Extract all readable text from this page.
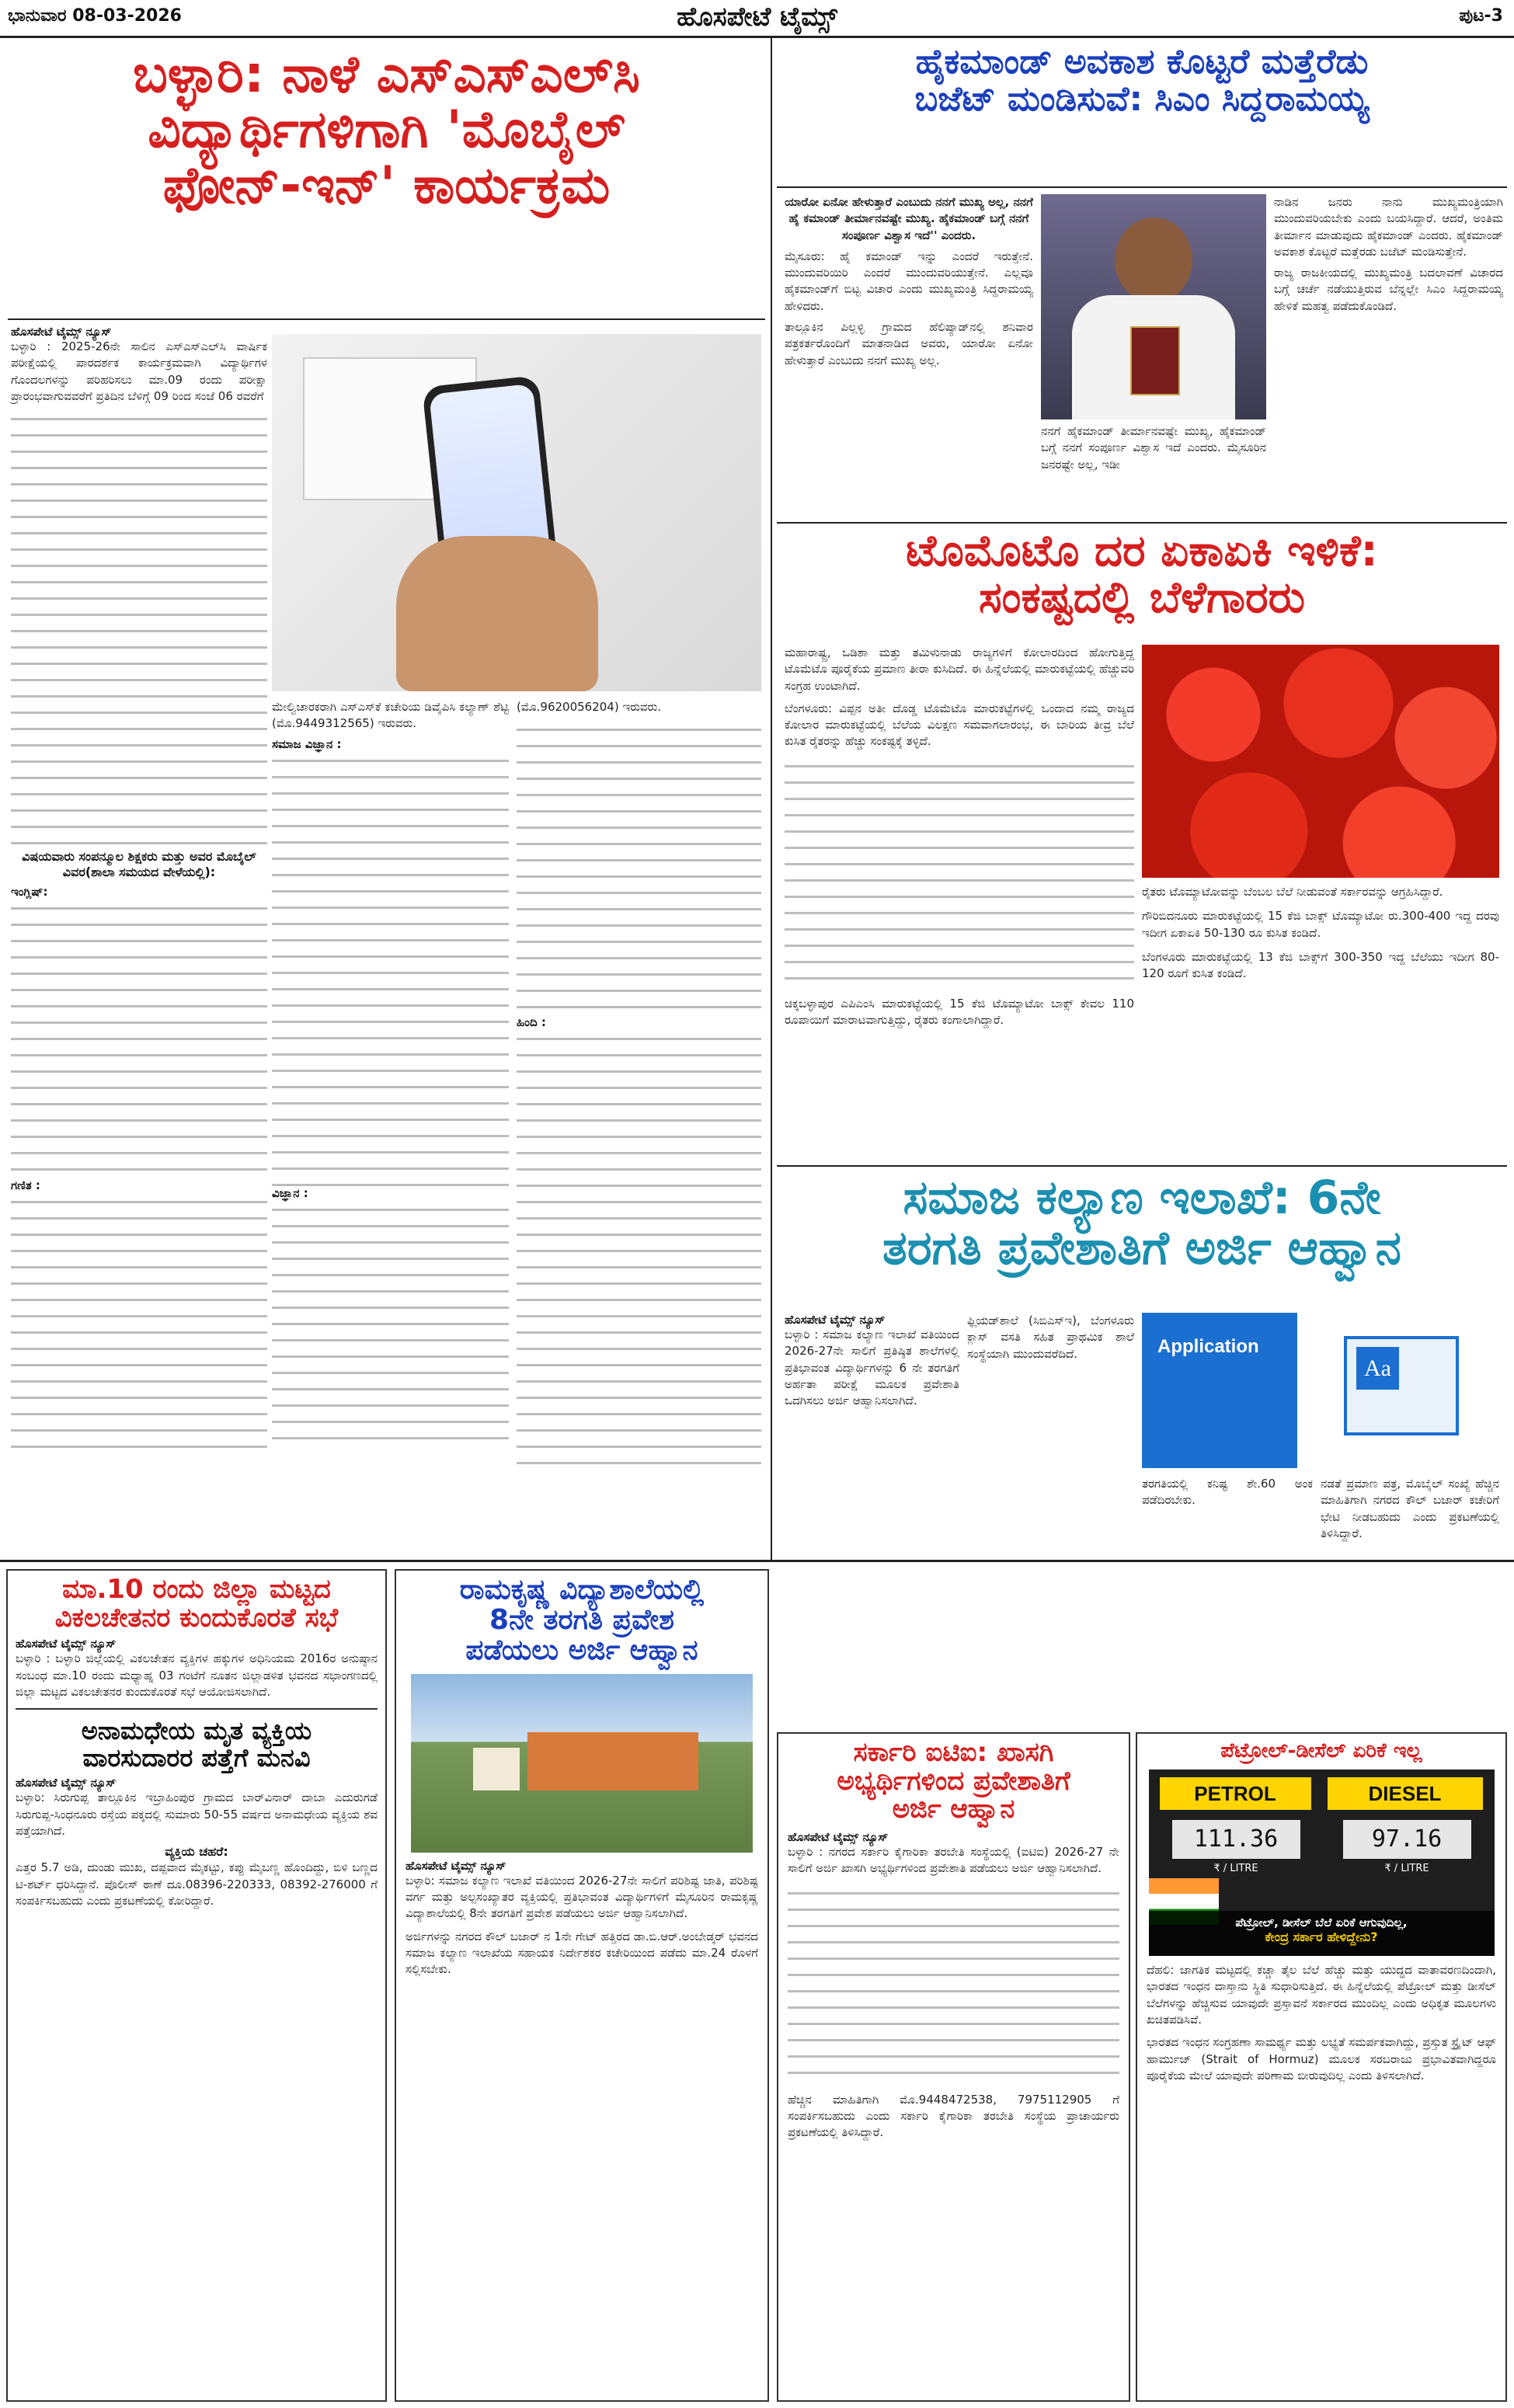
ಭಾನುವಾರ 08-03-2026	ಹೊಸಪೇಟೆ ಟೈಮ್ಸ್	ಪುಟ-3
ಬಳ್ಳಾರಿ: ನಾಳೆ ಎಸ್‌ಎಸ್‌ಎಲ್‌ಸಿ
ವಿದ್ಯಾರ್ಥಿಗಳಿಗಾಗಿ 'ಮೊಬೈಲ್
ಫೋನ್-ಇನ್' ಕಾರ್ಯಕ್ರಮ
ಹೊಸಪೇಟೆ ಟೈಮ್ಸ್ ನ್ಯೂಸ್
ಬಳ್ಳಾರಿ : 2025-26ನೇ ಸಾಲಿನ ಎಸ್‌ಎಸ್‌ಎಲ್‌ಸಿ ವಾರ್ಷಿಕ ಪರೀಕ್ಷೆಯಲ್ಲಿ ಪಾರದರ್ಶಕ ಕಾರ್ಯಕ್ರಮವಾಗಿ ವಿದ್ಯಾರ್ಥಿಗಳ ಗೊಂದಲಗಳನ್ನು ಪರಿಹರಿಸಲು ಮಾ.09 ರಂದು ಪರೀಕ್ಷಾ ಪ್ರಾರಂಭವಾಗುವವರೆಗೆ ಪ್ರತಿದಿನ ಬೆಳಿಗ್ಗೆ 09 ರಿಂದ ಸಂಜೆ 06 ರವರೆಗೆ
ವಿಷಯವಾರು ಸಂಪನ್ಮೂಲ ಶಿಕ್ಷಕರು ಮತ್ತು ಅವರ ಮೊಬೈಲ್ ವಿವರ(ಶಾಲಾ ಸಮಯದ ವೇಳೆಯಲ್ಲಿ):
ಇಂಗ್ಲಿಷ್:
ಗಣಿತ :
ಮೇಲ್ವಿಚಾರಕರಾಗಿ ಎಸ್‌ಎಸ್‌ಕೆ ಕಚೇರಿಯ ಡಿವೈಪಿಸಿ ಕಲ್ಯಾಣ್ ಶೆಟ್ಟಿ (ಮೊ.9449312565) ಇರುವರು.
ಸಮಾಜ ವಿಜ್ಞಾನ :
ವಿಜ್ಞಾನ :
(ಮೊ.9620056204) ಇರುವರು.
ಹಿಂದಿ :
ಹೈಕಮಾಂಡ್ ಅವಕಾಶ ಕೊಟ್ಟರೆ ಮತ್ತೆರೆಡು
ಬಜೆಟ್ ಮಂಡಿಸುವೆ: ಸಿಎಂ ಸಿದ್ದರಾಮಯ್ಯ
ಯಾರೋ ಏನೋ ಹೇಳುತ್ತಾರೆ ಎಂಬುದು ನನಗೆ ಮುಖ್ಯ ಅಲ್ಲ, ನನಗೆ ಹೈ ಕಮಾಂಡ್ ತೀರ್ಮಾನವಷ್ಟೇ ಮುಖ್ಯ. ಹೈಕಮಾಂಡ್ ಬಗ್ಗೆ ನನಗೆ ಸಂಪೂರ್ಣ ವಿಶ್ವಾಸ ಇದೆ'' ಎಂದರು.
ಮೈಸೂರು: ಹೈ ಕಮಾಂಡ್ ಇನ್ನು ಎಂದರೆ ಇರುತ್ತೇನೆ. ಮುಂದುವರಿಯಿರಿ ಎಂದರೆ ಮುಂದುವರಿಯುತ್ತೇನೆ. ಎಲ್ಲವೂ ಹೈಕಮಾಂಡ್‌ಗೆ ಬಿಟ್ಟ ವಿಚಾರ ಎಂದು ಮುಖ್ಯಮಂತ್ರಿ ಸಿದ್ದರಾಮಯ್ಯ ಹೇಳಿದರು.
ತಾಲ್ಲೂಕಿನ ಪಿಲ್ಲಳ್ಳಿ ಗ್ರಾಮದ ಹೆಲಿಪ್ಯಾಡ್‌ನಲ್ಲಿ ಶನಿವಾರ ಪತ್ರಕರ್ತರೊಂದಿಗೆ ಮಾತನಾಡಿದ ಅವರು, ಯಾರೋ ಏನೋ ಹೇಳುತ್ತಾರೆ ಎಂಬುದು ನನಗೆ ಮುಖ್ಯ ಅಲ್ಲ.
ನನಗೆ ಹೈಕಮಾಂಡ್ ತೀರ್ಮಾನವಷ್ಟೇ ಮುಖ್ಯ, ಹೈಕಮಾಂಡ್ ಬಗ್ಗೆ ನನಗೆ ಸಂಪೂರ್ಣ ವಿಶ್ವಾಸ ಇದೆ ಎಂದರು. ಮೈಸೂರಿನ ಜನರಷ್ಟೇ ಅಲ್ಲ, ಇಡೀ
ನಾಡಿನ ಜನರು ನಾನು ಮುಖ್ಯಮಂತ್ರಿಯಾಗಿ ಮುಂದುವರಿಯಬೇಕು ಎಂದು ಬಯಸಿದ್ದಾರೆ. ಆದರೆ, ಅಂತಿಮ ತೀರ್ಮಾನ ಮಾಡುವುದು ಹೈಕಮಾಂಡ್ ಎಂದರು. ಹೈಕಮಾಂಡ್ ಅವಕಾಶ ಕೊಟ್ಟರೆ ಮತ್ತೆರಡು ಬಜೆಟ್ ಮಂಡಿಸುತ್ತೇನೆ.
ರಾಜ್ಯ ರಾಜಕೀಯದಲ್ಲಿ ಮುಖ್ಯಮಂತ್ರಿ ಬದಲಾವಣೆ ವಿಚಾರದ ಬಗ್ಗೆ ಚರ್ಚೆ ನಡೆಯುತ್ತಿರುವ ಬೆನ್ನಲ್ಲೇ ಸಿಎಂ ಸಿದ್ದರಾಮಯ್ಯ ಹೇಳಿಕೆ ಮಹತ್ವ ಪಡೆದುಕೊಂಡಿದೆ.
ಟೊಮೊಟೊ ದರ ಏಕಾಏಕಿ ಇಳಿಕೆ:
ಸಂಕಷ್ಟದಲ್ಲಿ ಬೆಳೆಗಾರರು
ಮಹಾರಾಷ್ಟ್ರ, ಒಡಿಶಾ ಮತ್ತು ತಮಿಳುನಾಡು ರಾಜ್ಯಗಳಿಗೆ ಕೋಲಾರದಿಂದ ಹೋಗುತ್ತಿದ್ದ ಟೊಮೆಟೊ ಪೂರೈಕೆಯ ಪ್ರಮಾಣ ತೀರಾ ಕುಸಿದಿದೆ. ಈ ಹಿನ್ನೆಲೆಯಲ್ಲಿ ಮಾರುಕಟ್ಟೆಯಲ್ಲಿ ಹೆಚ್ಚುವರಿ ಸಂಗ್ರಹ ಉಂಟಾಗಿದೆ.
ಬೆಂಗಳೂರು: ವಿಪ್ಪನ ಅತೀ ದೊಡ್ಡ ಟೊಮೆಟೊ ಮಾರುಕಟ್ಟೆಗಳಲ್ಲಿ ಒಂದಾದ ನಮ್ಮ ರಾಜ್ಯದ ಕೋಲಾರ ಮಾರುಕಟ್ಟೆಯಲ್ಲಿ ಬೆಲೆಯ ವಿಲಕ್ಷಣ ಸಮವಾಗಲಾರಂಭ, ಈ ಬಾರಿಯ ತೀವ್ರ ಬೆಲೆ ಕುಸಿತ ರೈತರನ್ನು ಹೆಚ್ಚು ಸಂಕಷ್ಟಕ್ಕೆ ತಳ್ಳಿದೆ.
ಚಿಕ್ಕಬಳ್ಳಾಪುರ ಎಪಿಎಂಸಿ ಮಾರುಕಟ್ಟೆಯಲ್ಲಿ 15 ಕೆಜಿ ಟೊಮ್ಯಾಟೋ ಬಾಕ್ಸ್ ಕೇವಲ 110 ರೂಪಾಯಿಗೆ ಮಾರಾಟವಾಗುತ್ತಿದ್ದು, ರೈತರು ಕಂಗಾಲಾಗಿದ್ದಾರೆ.
ರೈತರು ಟೊಮ್ಯಾಟೋವನ್ನು ಬೆಂಬಲ ಬೆಲೆ ನೀಡುವಂತೆ ಸರ್ಕಾರವನ್ನು ಆಗ್ರಹಿಸಿದ್ದಾರೆ.
ಗೌರಿಬಿದನೂರು ಮಾರುಕಟ್ಟೆಯಲ್ಲಿ 15 ಕೆಜಿ ಬಾಕ್ಸ್ ಟೊಮ್ಯಾಟೋ ರು.300-400 ಇದ್ದ ದರವು ಇದೀಗ ಏಕಾಏಕಿ 50-130 ರೂ ಕುಸಿತ ಕಂಡಿದೆ.
ಬೆಂಗಳೂರು ಮಾರುಕಟ್ಟೆಯಲ್ಲಿ 13 ಕೆಜಿ ಬಾಕ್ಸ್‌ಗೆ 300-350 ಇದ್ದ ಬೆಲೆಯು ಇದೀಗ 80-120 ರೂಗೆ ಕುಸಿತ ಕಂಡಿದೆ.
ಸಮಾಜ ಕಲ್ಯಾಣ ಇಲಾಖೆ: 6ನೇ
ತರಗತಿ ಪ್ರವೇಶಾತಿಗೆ ಅರ್ಜಿ ಆಹ್ವಾನ
ಹೊಸಪೇಟೆ ಟೈಮ್ಸ್ ನ್ಯೂಸ್
ಬಳ್ಳಾರಿ : ಸಮಾಜ ಕಲ್ಯಾಣ ಇಲಾಖೆ ವತಿಯಿಂದ 2026-27ನೇ ಸಾಲಿಗೆ ಪ್ರತಿಷ್ಠಿತ ಶಾಲೆಗಳಲ್ಲಿ ಪ್ರತಿಭಾವಂತ ವಿದ್ಯಾರ್ಥಿಗಳನ್ನು 6 ನೇ ತರಗತಿಗೆ ಅರ್ಹತಾ ಪರೀಕ್ಷೆ ಮೂಲಕ ಪ್ರವೇಶಾತಿ ಒದಗಿಸಲು ಅರ್ಜಿ ಆಹ್ವಾನಿಸಲಾಗಿದೆ.
ಫ್ಲಿಯಡ್‌ಶಾಲೆ (ಸಿಬಿಎಸ್‌ಇ), ಬೆಂಗಳೂರು ಕ್ಲಾಸ್ ವಸತಿ ಸಹಿತ ಪ್ರಾಥಮಿಕ ಶಾಲೆ ಸಂಸ್ಥೆಯಾಗಿ ಮುಂದುವರೆದಿದೆ.	Application
Aa
ತರಗತಿಯಲ್ಲಿ ಕನಿಷ್ಟ ಶೇ.60 ಅಂಕ ಪಡೆದಿರಬೇಕು.
ನಡತೆ ಪ್ರಮಾಣ ಪತ್ರ, ಮೊಬೈಲ್ ಸಂಖ್ಯೆ ಹೆಚ್ಚಿನ ಮಾಹಿತಿಗಾಗಿ ನಗರದ ಕೌಲ್ ಬಜಾರ್ ಕಚೇರಿಗೆ ಭೇಟಿ ನೀಡಬಹುದು ಎಂದು ಪ್ರಕಟಣೆಯಲ್ಲಿ ತಿಳಿಸಿದ್ದಾರೆ.
ಮಾ.10 ರಂದು ಜಿಲ್ಲಾ ಮಟ್ಟದ
ವಿಕಲಚೇತನರ ಕುಂದುಕೊರತೆ ಸಭೆ
ಹೊಸಪೇಟೆ ಟೈಮ್ಸ್ ನ್ಯೂಸ್
ಬಳ್ಳಾರಿ : ಬಳ್ಳಾರಿ ಜಿಲ್ಲೆಯಲ್ಲಿ ವಿಕಲಚೇತನ ವ್ಯಕ್ತಿಗಳ ಹಕ್ಕುಗಳ ಅಧಿನಿಯಮ 2016ರ ಅನುಷ್ಠಾನ ಸಂಬಂಧ ಮಾ.10 ರಂದು ಮಧ್ಯಾಹ್ನ 03 ಗಂಟೆಗೆ ನೂತನ ಜಿಲ್ಲಾಡಳಿತ ಭವನದ ಸಭಾಂಗಣದಲ್ಲಿ ಜಿಲ್ಲಾ ಮಟ್ಟದ ವಿಕಲಚೇತನರ ಕುಂದುಕೊರತೆ ಸಭೆ ಆಯೋಜಿಸಲಾಗಿದೆ.
ಅನಾಮಧೇಯ ಮೃತ ವ್ಯಕ್ತಿಯ
ವಾರಸುದಾರರ ಪತ್ತೆಗೆ ಮನವಿ
ಹೊಸಪೇಟೆ ಟೈಮ್ಸ್ ನ್ಯೂಸ್
ಬಳ್ಳಾರಿ: ಸಿರುಗುಪ್ಪ ತಾಲ್ಲೂಕಿನ ಇಬ್ರಾಹಿಂಪುರ ಗ್ರಾಮದ ಬಾರ್‌ವಿನಾರ್ ದಾಬಾ ಎದುರುಗಡೆ ಸಿರುಗುಪ್ಪ-ಸಿಂಧನೂರು ರಸ್ತೆಯ ಪಕ್ಕದಲ್ಲಿ ಸುಮಾರು 50-55 ವರ್ಷದ ಅನಾಮಧೇಯ ವ್ಯಕ್ತಿಯ ಶವ ಪತ್ತೆಯಾಗಿದೆ.
ವ್ಯಕ್ತಿಯ ಚಹರೆ:
ಎತ್ತರ 5.7 ಅಡಿ, ದುಂಡು ಮುಖ, ದಪ್ಪವಾದ ಮೈಕಟ್ಟು, ಕಪ್ಪು ಮೈಬಣ್ಣ ಹೊಂದಿದ್ದು, ಬಿಳಿ ಬಣ್ಣದ ಟಿ-ಶರ್ಟ್ ಧರಿಸಿದ್ದಾನೆ. ಪೊಲೀಸ್ ಠಾಣೆ ದೂ.08396-220333, 08392-276000 ಗೆ ಸಂಪರ್ಕಿಸಬಹುದು ಎಂದು ಪ್ರಕಟಣೆಯಲ್ಲಿ ಕೋರಿದ್ದಾರೆ.
ರಾಮಕೃಷ್ಣ ವಿದ್ಯಾಶಾಲೆಯಲ್ಲಿ
8ನೇ ತರಗತಿ ಪ್ರವೇಶ
ಪಡೆಯಲು ಅರ್ಜಿ ಆಹ್ವಾನ
ಹೊಸಪೇಟೆ ಟೈಮ್ಸ್ ನ್ಯೂಸ್
ಬಳ್ಳಾರಿ: ಸಮಾಜ ಕಲ್ಯಾಣ ಇಲಾಖೆ ವತಿಯಿಂದ 2026-27ನೇ ಸಾಲಿಗೆ ಪರಿಶಿಷ್ಟ ಜಾತಿ, ಪರಿಶಿಷ್ಟ ವರ್ಗ ಮತ್ತು ಅಲ್ಪಸಂಖ್ಯಾತರ ವ್ಯಕ್ತಿಯಲ್ಲಿ ಪ್ರತಿಭಾವಂತ ವಿದ್ಯಾರ್ಥಿಗಳಿಗೆ ಮೈಸೂರಿನ ರಾಮಕೃಷ್ಣ ವಿದ್ಯಾಶಾಲೆಯಲ್ಲಿ 8ನೇ ತರಗತಿಗೆ ಪ್ರವೇಶ ಪಡೆಯಲು ಅರ್ಜಿ ಆಹ್ವಾನಿಸಲಾಗಿದೆ.
ಅರ್ಜಿಗಳನ್ನು ನಗರದ ಕೌಲ್ ಬಜಾರ್ ನ 1ನೇ ಗೇಟ್ ಹತ್ತಿರದ ಡಾ.ಬಿ.ಆರ್.ಅಂಬೇಡ್ಕರ್ ಭವನದ ಸಮಾಜ ಕಲ್ಯಾಣ ಇಲಾಖೆಯ ಸಹಾಯಕ ನಿರ್ದೇಶಕರ ಕಚೇರಿಯಿಂದ ಪಡೆದು ಮಾ.24 ರೊಳಗೆ ಸಲ್ಲಿಸಬೇಕು.
ಸರ್ಕಾರಿ ಐಟಿಐ: ಖಾಸಗಿ
ಅಭ್ಯರ್ಥಿಗಳಿಂದ ಪ್ರವೇಶಾತಿಗೆ
ಅರ್ಜಿ ಆಹ್ವಾನ
ಹೊಸಪೇಟೆ ಟೈಮ್ಸ್ ನ್ಯೂಸ್
ಬಳ್ಳಾರಿ : ನಗರದ ಸರ್ಕಾರಿ ಕೈಗಾರಿಕಾ ತರಬೇತಿ ಸಂಸ್ಥೆಯಲ್ಲಿ (ಐಟಿಐ) 2026-27 ನೇ ಸಾಲಿಗೆ ಅರ್ಜಿ ಖಾಸಗಿ ಅಭ್ಯರ್ಥಿಗಳಿಂದ ಪ್ರವೇಶಾತಿ ಪಡೆಯಲು ಅರ್ಜಿ ಆಹ್ವಾನಿಸಲಾಗಿದೆ.
ಹೆಚ್ಚಿನ ಮಾಹಿತಿಗಾಗಿ ಮೊ.9448472538, 7975112905 ಗೆ ಸಂಪರ್ಕಿಸಬಹುದು ಎಂದು ಸರ್ಕಾರಿ ಕೈಗಾರಿಕಾ ತರಬೇತಿ ಸಂಸ್ಥೆಯ ಪ್ರಾಚಾರ್ಯರು ಪ್ರಕಟಣೆಯಲ್ಲಿ ತಿಳಿಸಿದ್ದಾರೆ.
ಪೆಟ್ರೋಲ್-ಡೀಸೆಲ್ ಏರಿಕೆ ಇಲ್ಲ
PETROL	DIESEL
111.36	97.16
₹ / LITRE	₹ / LITRE
ಪೆಟ್ರೋಲ್, ಡೀಸೆಲ್ ಬೆಲೆ ಏರಿಕೆ ಆಗುವುದಿಲ್ಲ,
ಕೇಂದ್ರ ಸರ್ಕಾರ ಹೇಳಿದ್ದೇನು?
ದೆಹಲಿ: ಜಾಗತಿಕ ಮಟ್ಟದಲ್ಲಿ ಕಚ್ಚಾ ತೈಲ ಬೆಲೆ ಹೆಚ್ಚು ಮತ್ತು ಯುದ್ಧದ ವಾತಾವರಣದಿಂದಾಗಿ, ಭಾರತದ ಇಂಧನ ದಾಸ್ತಾನು ಸ್ಥಿತಿ ಸುಧಾರಿಸುತ್ತಿದೆ. ಈ ಹಿನ್ನೆಲೆಯಲ್ಲಿ ಪೆಟ್ರೋಲ್ ಮತ್ತು ಡೀಸೆಲ್ ಬೆಲೆಗಳನ್ನು ಹೆಚ್ಚಿಸುವ ಯಾವುದೇ ಪ್ರಸ್ತಾವನೆ ಸರ್ಕಾರದ ಮುಂದಿಲ್ಲ ಎಂದು ಅಧಿಕೃತ ಮೂಲಗಳು ಖಚಿತಪಡಿಸಿವೆ.
ಭಾರತದ ಇಂಧನ ಸಂಗ್ರಹಣಾ ಸಾಮರ್ಥ್ಯ ಮತ್ತು ಲಭ್ಯತೆ ಸಮರ್ಪಕವಾಗಿದ್ದು, ಪ್ರಸ್ತುತ ಸ್ಟ್ರೈಟ್ ಆಫ್ ಹಾರ್ಮುಜ್ (Strait of Hormuz) ಮೂಲಕ ಸರಬರಾಜು ಪ್ರಭಾವಿತವಾಗಿದ್ದರೂ ಪೂರೈಕೆಯ ಮೇಲೆ ಯಾವುದೇ ಪರಿಣಾಮ ಬೀರುವುದಿಲ್ಲ ಎಂದು ತಿಳಿಸಲಾಗಿದೆ.
